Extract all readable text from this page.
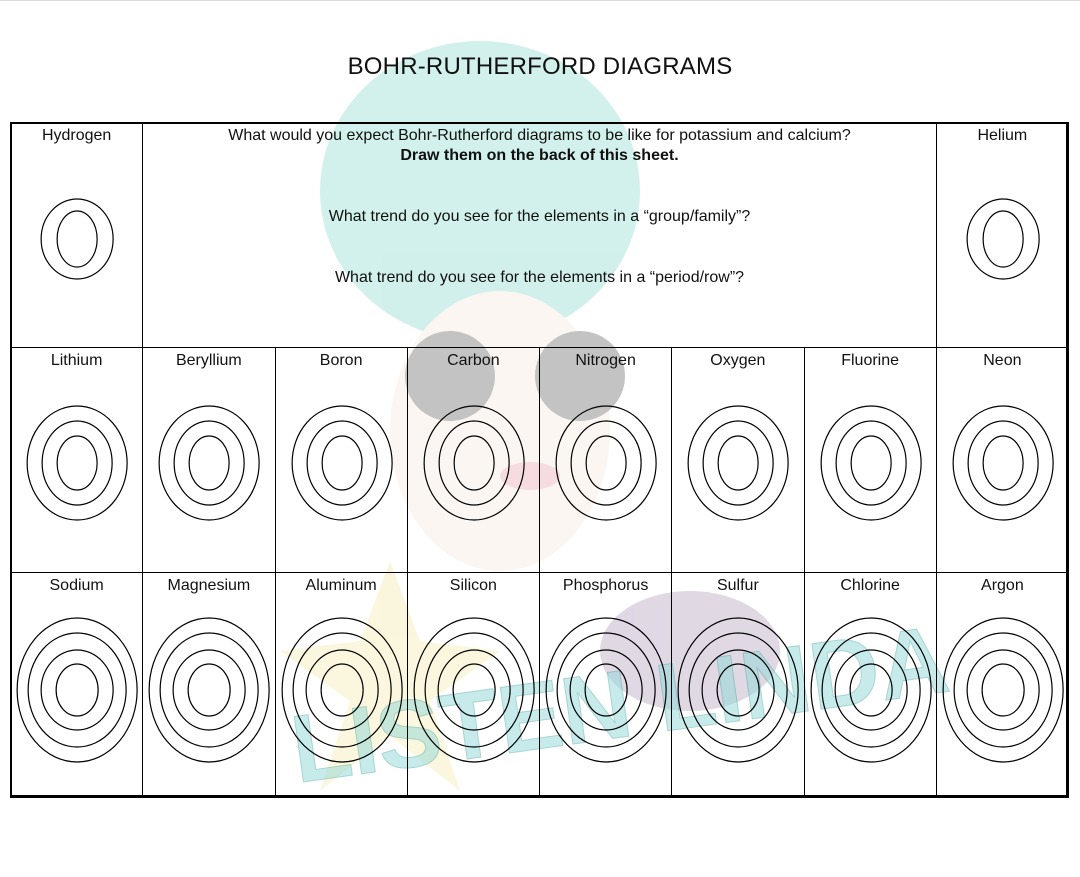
LISTEN LINDA
BOHR-RUTHERFORD DIAGRAMS
Hydrogen	Helium
Lithium
Sodium
Beryllium
Magnesium
Boron
Aluminum
Carbon
Silicon
Nitrogen
Phosphorus
Oxygen
Sulfur
Fluorine
Chlorine
Neon
Argon
What would you expect Bohr-Rutherford diagrams to be like for potassium and calcium?
Draw them on the back of this sheet.
What trend do you see for the elements in a “group/family”?
What trend do you see for the elements in a “period/row”?
